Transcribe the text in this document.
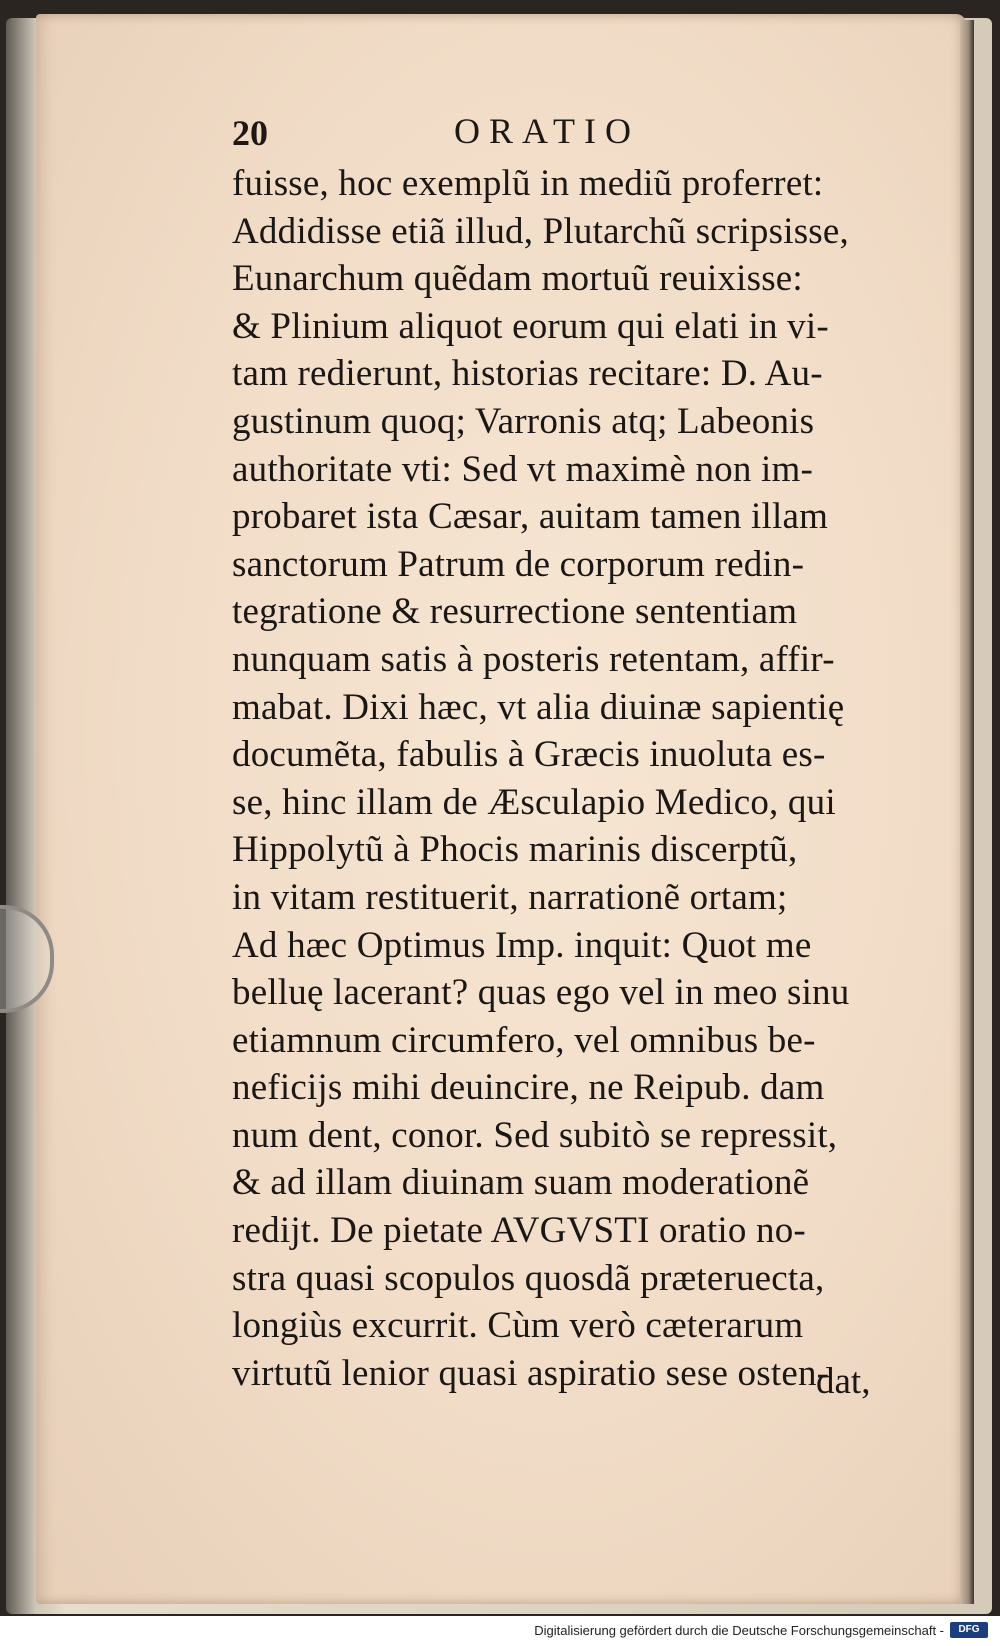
20	ORATIO
fuisse, hoc exemplũ in mediũ proferret:
Addidisse etiã illud, Plutarchũ scripsisse,
Eunarchum quẽdam mortuũ reuixisse:
& Plinium aliquot eorum qui elati in vi-
tam redierunt, historias recitare: D. Au-
gustinum quoq; Varronis atq; Labeonis
authoritate vti: Sed vt maximè non im-
probaret ista Cæsar, auitam tamen illam
sanctorum Patrum de corporum redin-
tegratione & resurrectione sententiam
nunquam satis à posteris retentam, affir-
mabat. Dixi hæc, vt alia diuinæ sapientię
documẽta, fabulis à Græcis inuoluta es-
se, hinc illam de Æsculapio Medico, qui
Hippolytũ à Phocis marinis discerptũ,
in vitam restituerit, narrationẽ ortam;
Ad hæc Optimus Imp. inquit: Quot me
belluę lacerant? quas ego vel in meo sinu
etiamnum circumfero, vel omnibus be-
neficijs mihi deuincire, ne Reipub. dam
num dent, conor. Sed subitò se repressit,
& ad illam diuinam suam moderationẽ
redijt. De pietate AVGVSTI oratio no-
stra quasi scopulos quosdã præteruecta,
longiùs excurrit. Cùm verò cæterarum
virtutũ lenior quasi aspiratio sese osten-
dat,
Digitalisierung gefördert durch die Deutsche Forschungsgemeinschaft -	DFG
